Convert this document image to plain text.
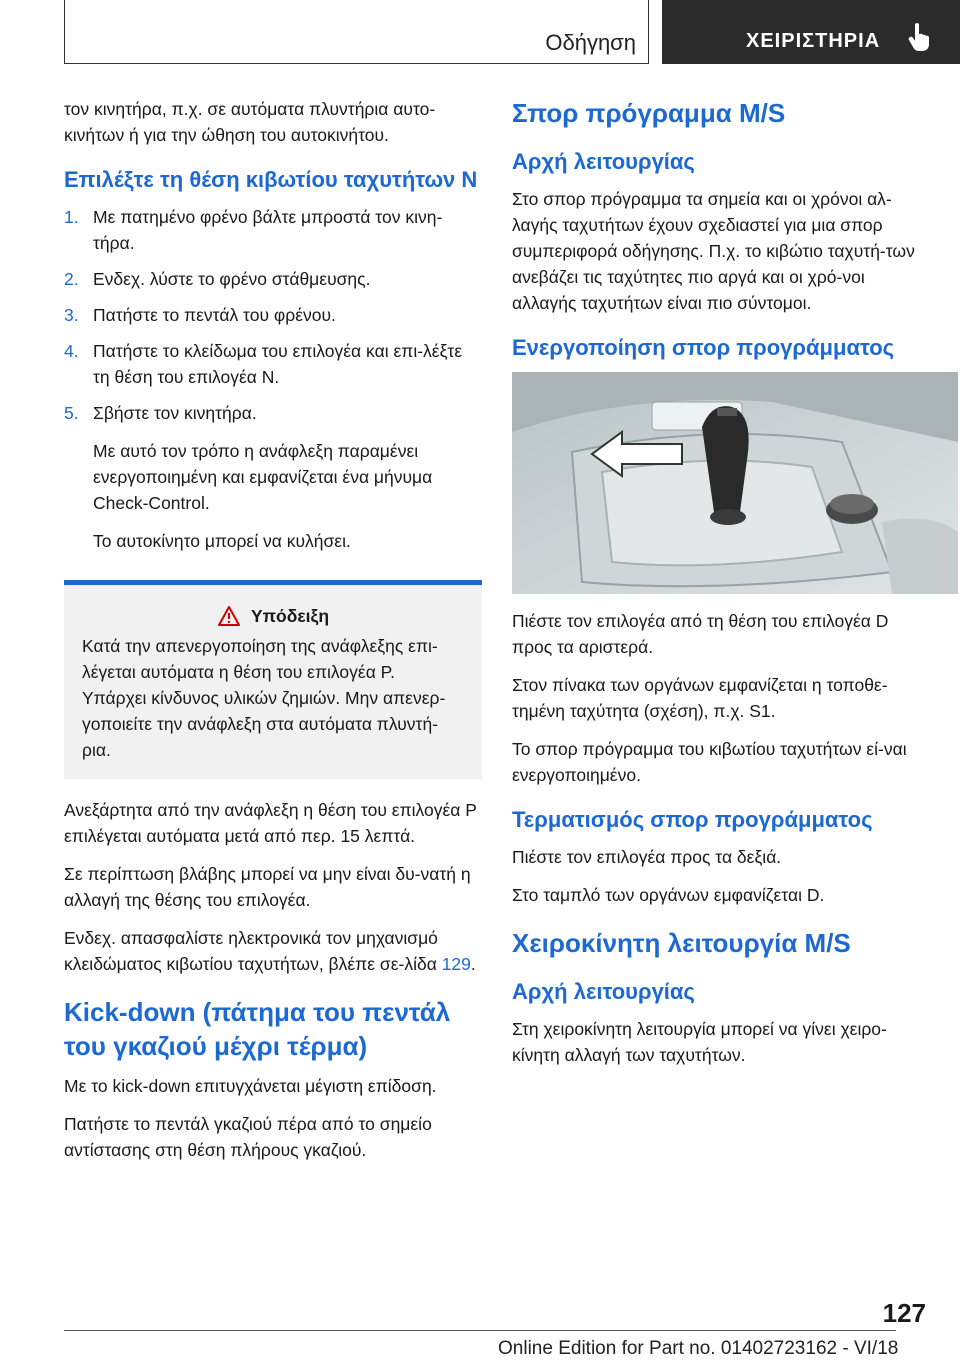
Οδήγηση	ΧΕΙΡΙΣΤΗΡΙΑ

τον κινητήρα, π.χ. σε αυτόματα πλυντήρια αυτο-κινήτων ή για την ώθηση του αυτοκινήτου.

Επιλέξτε τη θέση κιβωτίου ταχυτήτων N
1. Με πατημένο φρένο βάλτε μπροστά τον κινη-τήρα.
2. Ενδεχ. λύστε το φρένο στάθμευσης.
3. Πατήστε το πεντάλ του φρένου.
4. Πατήστε το κλείδωμα του επιλογέα και επι-λέξτε τη θέση του επιλογέα N.
5. Σβήστε τον κινητήρα.

Με αυτό τον τρόπο η ανάφλεξη παραμένει ενεργοποιημένη και εμφανίζεται ένα μήνυμα Check-Control.

Το αυτοκίνητο μπορεί να κυλήσει.

Υπόδειξη

Κατά την απενεργοποίηση της ανάφλεξης επι-λέγεται αυτόματα η θέση του επιλογέα P. Υπάρχει κίνδυνος υλικών ζημιών. Μην απενερ-γοποιείτε την ανάφλεξη στα αυτόματα πλυντή-ρια.

Ανεξάρτητα από την ανάφλεξη η θέση του επιλογέα P επιλέγεται αυτόματα μετά από περ. 15 λεπτά.

Σε περίπτωση βλάβης μπορεί να μην είναι δυ-νατή η αλλαγή της θέσης του επιλογέα.

Ενδεχ. απασφαλίστε ηλεκτρονικά τον μηχανισμό κλειδώματος κιβωτίου ταχυτήτων, βλέπε σε-λίδα 129.

Kick-down (πάτημα του πεντάλ του γκαζιού μέχρι τέρμα)

Με το kick-down επιτυγχάνεται μέγιστη επίδοση.

Πατήστε το πεντάλ γκαζιού πέρα από το σημείο αντίστασης στη θέση πλήρους γκαζιού.

Σπορ πρόγραμμα M/S
Αρχή λειτουργίας

Στο σπορ πρόγραμμα τα σημεία και οι χρόνοι αλ-λαγής ταχυτήτων έχουν σχεδιαστεί για μια σπορ συμπεριφορά οδήγησης. Π.χ. το κιβώτιο ταχυτή-των ανεβάζει τις ταχύτητες πιο αργά και οι χρό-νοι αλλαγής ταχυτήτων είναι πιο σύντομοι.

Ενεργοποίηση σπορ προγράμματος

Πιέστε τον επιλογέα από τη θέση του επιλογέα D προς τα αριστερά.

Στον πίνακα των οργάνων εμφανίζεται η τοποθε-τημένη ταχύτητα (σχέση), π.χ. S1.

Το σπορ πρόγραμμα του κιβωτίου ταχυτήτων εί-ναι ενεργοποιημένο.

Τερματισμός σπορ προγράμματος

Πιέστε τον επιλογέα προς τα δεξιά.

Στο ταμπλό των οργάνων εμφανίζεται D.

Χειροκίνητη λειτουργία M/S
Αρχή λειτουργίας

Στη χειροκίνητη λειτουργία μπορεί να γίνει χειρο-κίνητη αλλαγή των ταχυτήτων.

127
Online Edition for Part no. 01402723162 - VI/18
